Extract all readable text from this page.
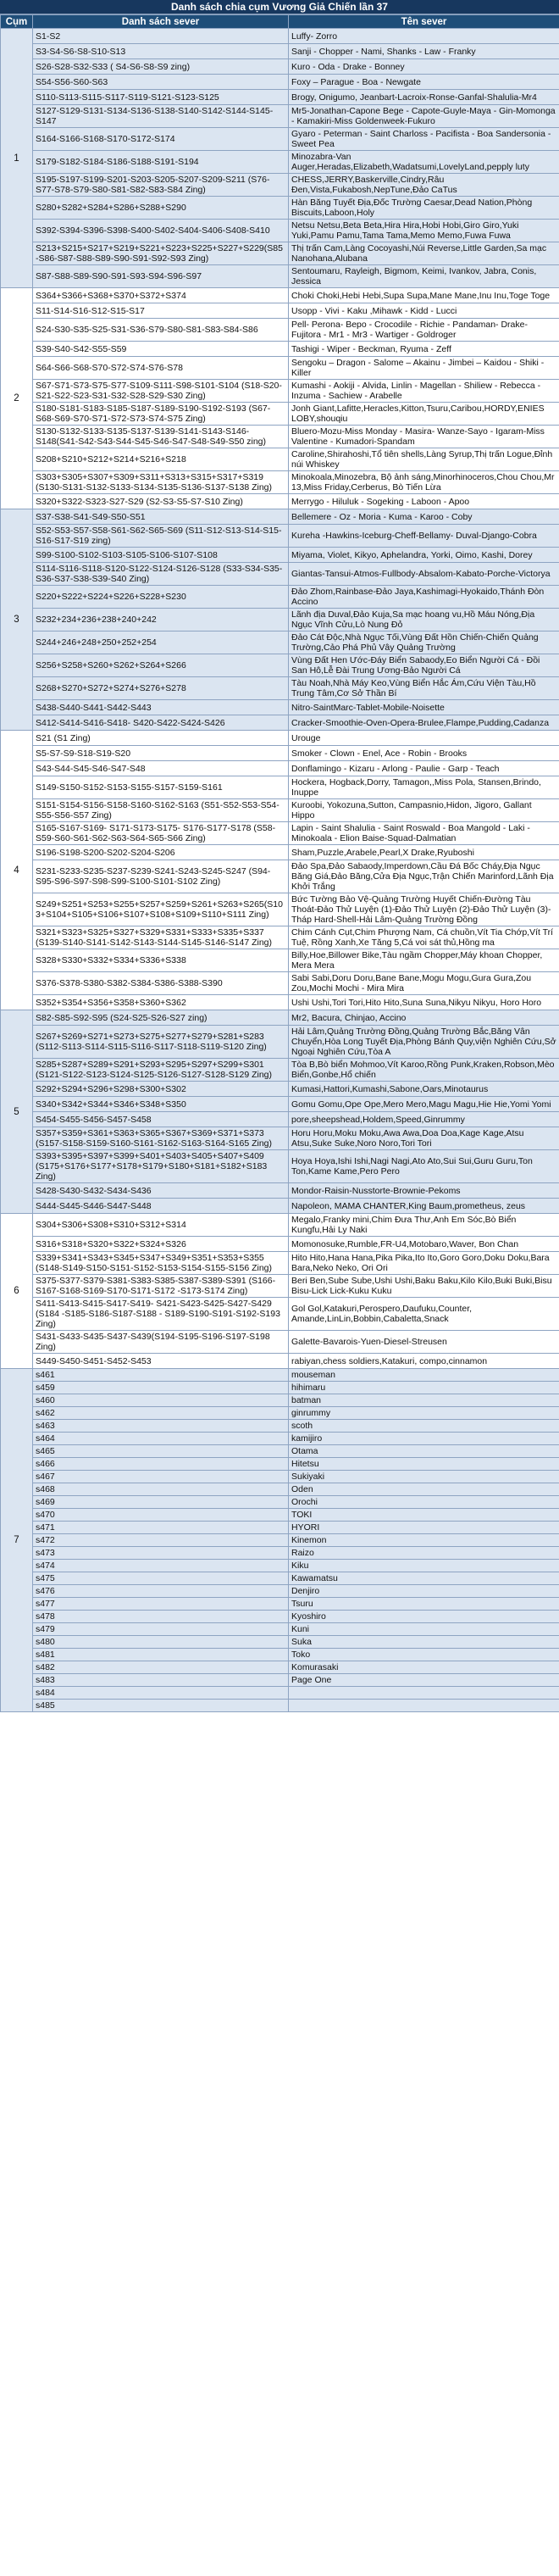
Danh sách chia cụm Vương Giả Chiến lần 37
Cụm	Danh sách sever	Tên sever
1	S1-S2	Luffy- Zorro
	S3-S4-S6-S8-S10-S13	Sanji - Chopper - Nami, Shanks - Law - Franky
	S26-S28-S32-S33 ( S4-S6-S8-S9 zing)	Kuro - Oda - Drake - Bonney
	S54-S56-S60-S63	Foxy – Parague - Boa - Newgate
	S110-S113-S115-S117-S119-S121-S123-S125	Brogy, Onigumo, Jeanbart-Lacroix-Ronse-Ganfal-Shalulia-Mr4
	S127-S129-S131-S134-S136-S138-S140-S142-S144-S145-S147	Mr5-Jonathan-Capone Bege - Capote-Guyle-Maya - Gin-Momonga - Kamakiri-Miss Goldenweek-Fukuro
	S164-S166-S168-S170-S172-S174	Gyaro - Peterman - Saint Charloss - Pacifista - Boa Sandersonia - Sweet Pea
	S179-S182-S184-S186-S188-S191-S194	Minozabra-Van Auger,Heradas,Elizabeth,Wadatsumi,LovelyLand,pepply luty
	S195-S197-S199-S201-S203-S205-S207-S209-S211 (S76-S77-S78-S79-S80-S81-S82-S83-S84 Zing)	CHESS,JERRY,Baskerville,Cindry,Râu Đen,Vista,Fukabosh,NepTune,Đảo CaTus
	S280+S282+S284+S286+S288+S290	Hàn Băng Tuyết Địa,Đốc Trường Caesar,Dead Nation,Phòng Biscuits,Laboon,Holy
	S392-S394-S396-S398-S400-S402-S404-S406-S408-S410	Netsu Netsu,Beta Beta,Hira Hira,Hobi Hobi,Giro Giro,Yuki Yuki,Pamu Pamu,Tama Tama,Memo Memo,Fuwa Fuwa
	S213+S215+S217+S219+S221+S223+S225+S227+S229(S85-S86-S87-S88-S89-S90-S91-S92-S93 Zing)	Thị trấn Cam,Làng Cocoyashi,Núi Reverse,Little Garden,Sa mạc Nanohana,Alubana
	S87-S88-S89-S90-S91-S93-S94-S96-S97	Sentoumaru, Rayleigh, Bigmom, Keimi, Ivankov, Jabra, Conis, Jessica
2	S364+S366+S368+S370+S372+S374	Choki Choki,Hebi Hebi,Supa Supa,Mane Mane,Inu Inu,Toge Toge
	S11-S14-S16-S12-S15-S17	Usopp - Vivi - Kaku ,Mihawk - Kidd - Lucci
	S24-S30-S35-S25-S31-S36-S79-S80-S81-S83-S84-S86	Pell- Perona- Bepo - Crocodile - Richie - Pandaman- Drake-Fujitora - Mr1 - Mr3 - Wartiger - Goldroger
	S39-S40-S42-S55-S59	Tashigi - Wiper - Beckman, Ryuma - Zeff
	S64-S66-S68-S70-S72-S74-S76-S78	Sengoku – Dragon - Salome – Akainu - Jimbei – Kaidou - Shiki - Killer
	S67-S71-S73-S75-S77-S109-S111-S98-S101-S104 (S18-S20-S21-S22-S23-S31-S32-S28-S29-S30 Zing)	Kumashi - Aokiji - Alvida, Linlin - Magellan - Shiliew - Rebecca - Inzuma - Sachiew - Arabelle
	S180-S181-S183-S185-S187-S189-S190-S192-S193 (S67-S68-S69-S70-S71-S72-S73-S74-S75 Zing)	Jonh Giant,Lafitte,Heracles,Kitton,Tsuru,Caribou,HORDY,ENIES LOBY,shouqiu
	S130-S132-S133-S135-S137-S139-S141-S143-S146-S148(S41-S42-S43-S44-S45-S46-S47-S48-S49-S50 zing)	Bluero-Mozu-Miss Monday - Masira- Wanze-Sayo - Igaram-Miss Valentine - Kumadori-Spandam
	S208+S210+S212+S214+S216+S218	Caroline,Shirahoshi,Tổ tiên shells,Làng Syrup,Thị trấn Logue,Đỉnh núi Whiskey
	S303+S305+S307+S309+S311+S313+S315+S317+S319 (S130-S131-S132-S133-S134-S135-S136-S137-S138 Zing)	Minokoala,Minozebra, Bộ ảnh sáng,Minorhinoceros,Chou Chou,Mr 13,Miss Friday,Cerberus, Bò Tiến Lừa
	S320+S322-S323-S27-S29 (S2-S3-S5-S7-S10 Zing)	Merrygo - Hiluluk - Sogeking - Laboon - Apoo
3	S37-S38-S41-S49-S50-S51	Bellemere - Oz - Moria - Kuma - Karoo - Coby
	S52-S53-S57-S58-S61-S62-S65-S69 (S11-S12-S13-S14-S15-S16-S17-S19 zing)	Kureha -Hawkins-Iceburg-Cheff-Bellamy- Duval-Django-Cobra
	S99-S100-S102-S103-S105-S106-S107-S108	Miyama, Violet, Kikyo, Aphelandra, Yorki, Oimo, Kashi, Dorey
	S114-S116-S118-S120-S122-S124-S126-S128 (S33-S34-S35-S36-S37-S38-S39-S40 Zing)	Giantas-Tansui-Atmos-Fullbody-Absalom-Kabato-Porche-Victorya
	S220+S222+S224+S226+S228+S230	Đảo Zhom,Rainbase-Đảo Jaya,Kashimagi-Hyokaido,Thánh Đòn Accino
	S232+234+236+238+240+242	Lãnh địa Duval,Đảo Kuja,Sa mạc hoang vu,Hồ Máu Nóng,Địa Ngục Vĩnh Cửu,Lò Nung Đỏ
	S244+246+248+250+252+254	Đảo Cát Độc,Nhà Ngục Tối,Vùng Đất Hồn Chiến-Chiến Quảng Trường,Cảo Phá Phủ Vây Quảng Trường
	S256+S258+S260+S262+S264+S266	Vùng Đất Hen Ước-Đáy Biển Sabaody,Eo Biển Người Cá - Đồi San Hô,Lễ Đài Trung Ương-Bảo Người Cá
	S268+S270+S272+S274+S276+S278	Tàu Noah,Nhà Máy Keo,Vùng Biển Hắc Ám,Cứu Viện Tàu,Hồ Trung Tâm,Cơ Sở Thần Bí
	S438-S440-S441-S442-S443	Nitro-SaintMarc-Tablet-Mobile-Noisette
	S412-S414-S416-S418- S420-S422-S424-S426	Cracker-Smoothie-Oven-Opera-Brulee,Flampe,Pudding,Cadanza
4	S21 (S1 Zing)	Urouge
	S5-S7-S9-S18-S19-S20	Smoker - Clown - Enel, Ace - Robin - Brooks
	S43-S44-S45-S46-S47-S48	Donflamingo - Kizaru - Arlong - Paulie - Garp - Teach
	S149-S150-S152-S153-S155-S157-S159-S161	Hockera, Hogback,Dorry, Tamagon,,Miss Pola, Stansen,Brindo, Inuppe
	S151-S154-S156-S158-S160-S162-S163 (S51-S52-S53-S54-S55-S56-S57 Zing)	Kuroobi, Yokozuna,Sutton, Campasnio,Hidon, Jigoro, Gallant Hippo
	S165-S167-S169- S171-S173-S175- S176-S177-S178 (S58-S59-S60-S61-S62-S63-S64-S65-S66 Zing)	Lapin - Saint Shalulia - Saint Roswald - Boa Mangold - Laki - Minokoala - Elion Baise-Squad-Dalmatian
	S196-S198-S200-S202-S204-S206	Sham,Puzzle,Arabele,Pearl,X Drake,Ryuboshi
	S231-S233-S235-S237-S239-S241-S243-S245-S247 (S94-S95-S96-S97-S98-S99-S100-S101-S102 Zing)	Đảo Spa,Đảo Sabaody,Imperdown,Cầu Đá Bốc Cháy,Địa Ngục Băng Giá,Đảo Băng,Cửa Địa Ngục,Trận Chiến Marinford,Lãnh Địa Khởi Trắng
	S249+S251+S253+S255+S257+S259+S261+S263+S265(S103+S104+S105+S106+S107+S108+S109+S110+S111 Zing)	Bức Tường Bảo Vệ-Quảng Trường Huyết Chiến-Đường Tàu Thoát-Đảo Thử Luyện (1)-Đảo Thử Luyện (2)-Đảo Thử Luyện (3)-Tháp Hard-Shell-Hải Lâm-Quảng Trường Đồng
	S321+S323+S325+S327+S329+S331+S333+S335+S337 (S139-S140-S141-S142-S143-S144-S145-S146-S147 Zing)	Chim Cánh Cụt,Chim Phượng Nam, Cá chuồn,Vít Tia Chớp,Vít Trí Tuệ, Rồng Xanh,Xe Tăng 5,Cá voi sát thủ,Hồng ma
	S328+S330+S332+S334+S336+S338	Billy,Hoe,Billower Bike,Tàu ngầm Chopper,Máy khoan Chopper, Mera Mera
	S376-S378-S380-S382-S384-S386-S388-S390	Sabi Sabi,Doru Doru,Bane Bane,Mogu Mogu,Gura Gura,Zou Zou,Mochi Mochi - Mira Mira
	S352+S354+S356+S358+S360+S362	Ushi Ushi,Tori Tori,Hito Hito,Suna Suna,Nikyu Nikyu, Horo Horo
5	S82-S85-S92-S95 (S24-S25-S26-S27 zing)	Mr2, Bacura, Chinjao, Accino
	S267+S269+S271+S273+S275+S277+S279+S281+S283 (S112-S113-S114-S115-S116-S117-S118-S119-S120 Zing)	Hải Lâm,Quảng Trường Đồng,Quảng Trường Bắc,Băng Vân Chuyển,Hòa Long Tuyết Địa,Phòng Bánh Quy,viện Nghiên Cứu,Sở Ngoại Nghiên Cứu,Tòa A
	S285+S287+S289+S291+S293+S295+S297+S299+S301 (S121-S122-S123-S124-S125-S126-S127-S128-S129 Zing)	Tòa B,Bò biển Mohmoo,Vít Karoo,Rồng Punk,Kraken,Robson,Mèo Biển,Gonbe,Hổ chiến
	S292+S294+S296+S298+S300+S302	Kumasi,Hattori,Kumashi,Sabone,Oars,Minotaurus
	S340+S342+S344+S346+S348+S350	Gomu Gomu,Ope Ope,Mero Mero,Magu Magu,Hie Hie,Yomi Yomi
	S454-S455-S456-S457-S458	pore,sheepshead,Holdem,Speed,Ginrummy
	S357+S359+S361+S363+S365+S367+S369+S371+S373 (S157-S158-S159-S160-S161-S162-S163-S164-S165 Zing)	Horu Horu,Moku Moku,Awa Awa,Doa Doa,Kage Kage,Atsu Atsu,Suke Suke,Noro Noro,Tori Tori
	S393+S395+S397+S399+S401+S403+S405+S407+S409 (S175+S176+S177+S178+S179+S180+S181+S182+S183 Zing)	Hoya Hoya,Ishi Ishi,Nagi Nagi,Ato Ato,Sui Sui,Guru Guru,Ton Ton,Kame Kame,Pero Pero
	S428-S430-S432-S434-S436	Mondor-Raisin-Nusstorte-Brownie-Pekoms
	S444-S445-S446-S447-S448	Napoleon, MAMA CHANTER,King Baum,prometheus, zeus
6	S304+S306+S308+S310+S312+S314	Megalo,Franky mini,Chim Đưa Thư,Anh Em Sóc,Bò Biển Kungfu,Hải Ly Naki
	S316+S318+S320+S322+S324+S326	Momonosuke,Rumble,FR-U4,Motobaro,Waver, Bon Chan
	S339+S341+S343+S345+S347+S349+S351+S353+S355 (S148-S149-S150-S151-S152-S153-S154-S155-S156 Zing)	Hito Hito,Hana Hana,Pika Pika,Ito Ito,Goro Goro,Doku Doku,Bara Bara,Neko Neko, Ori Ori
	S375-S377-S379-S381-S383-S385-S387-S389-S391 (S166-S167-S168-S169-S170-S171-S172 -S173-S174 Zing)	Beri Ben,Sube Sube,Ushi Ushi,Baku Baku,Kilo Kilo,Buki Buki,Bisu Bisu-Lick Lick-Kuku Kuku
	S411-S413-S415-S417-S419- S421-S423-S425-S427-S429 (S184 -S185-S186-S187-S188 - S189-S190-S191-S192-S193 Zing)	Gol Gol,Katakuri,Perospero,Daufuku,Counter, Amande,LinLin,Bobbin,Cabaletta,Snack
	S431-S433-S435-S437-S439(S194-S195-S196-S197-S198 Zing)	Galette-Bavarois-Yuen-Diesel-Streusen
	S449-S450-S451-S452-S453	rabiyan,chess soldiers,Katakuri, compo,cinnamon
7	s461	mouseman
	s459	hihimaru
	s460	batman
	s462	ginrummy
	s463	scoth
	s464	kamijiro
	s465	Otama
	s466	Hitetsu
	s467	Sukiyaki
	s468	Oden
	s469	Orochi
	s470	TOKI
	s471	HYORI
	s472	Kinemon
	s473	Raizo
	s474	Kiku
	s475	Kawamatsu
	s476	Denjiro
	s477	Tsuru
	s478	Kyoshiro
	s479	Kuni
	s480	Suka
	s481	Toko
	s482	Komurasaki
	s483	Page One
	s484	
	s485	
